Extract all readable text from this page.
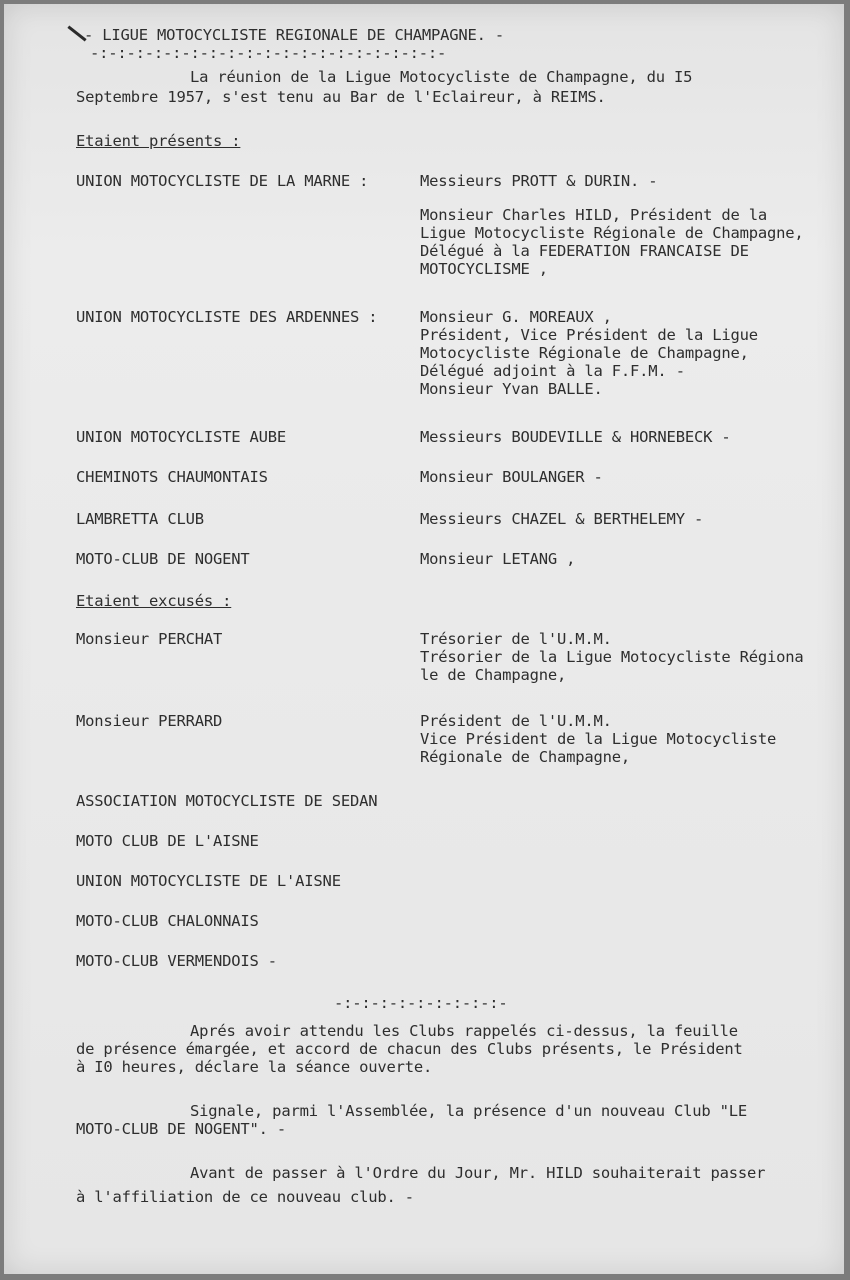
- LIGUE MOTOCYCLISTE REGIONALE DE CHAMPAGNE. -
-:-:-:-:-:-:-:-:-:-:-:-:-:-:-:-:-:-:-:-
La réunion de la Ligue Motocycliste de Champagne, du I5
Septembre 1957, s'est tenu au Bar de l'Eclaireur, à REIMS.
Etaient présents :
UNION MOTOCYCLISTE DE LA MARNE :	Messieurs PROTT & DURIN. -
Monsieur Charles HILD, Président de la
Ligue Motocycliste Régionale de Champagne,
Délégué à la FEDERATION FRANCAISE DE
MOTOCYCLISME ,
UNION MOTOCYCLISTE DES ARDENNES :	Monsieur G. MOREAUX ,
Président, Vice Président de la Ligue
Motocycliste Régionale de Champagne,
Délégué adjoint à la F.F.M. -
Monsieur Yvan BALLE.
UNION MOTOCYCLISTE AUBE	Messieurs BOUDEVILLE & HORNEBECK -
CHEMINOTS CHAUMONTAIS	Monsieur BOULANGER -
LAMBRETTA CLUB	Messieurs CHAZEL & BERTHELEMY -
MOTO-CLUB DE NOGENT	Monsieur LETANG ,
Etaient excusés :
Monsieur PERCHAT	Trésorier de l'U.M.M.
Trésorier de la Ligue Motocycliste Régiona
le de Champagne,
Monsieur PERRARD	Président de l'U.M.M.
Vice Président de la Ligue Motocycliste
Régionale de Champagne,
ASSOCIATION MOTOCYCLISTE DE SEDAN
MOTO CLUB DE L'AISNE
UNION MOTOCYCLISTE DE L'AISNE
MOTO-CLUB CHALONNAIS
MOTO-CLUB VERMENDOIS -
-:-:-:-:-:-:-:-:-:-
Aprés avoir attendu les Clubs rappelés ci-dessus, la feuille
de présence émargée, et accord de chacun des Clubs présents, le Président
à I0 heures, déclare la séance ouverte.
Signale, parmi l'Assemblée, la présence d'un nouveau Club "LE
MOTO-CLUB DE NOGENT". -
Avant de passer à l'Ordre du Jour, Mr. HILD souhaiterait passer
à l'affiliation de ce nouveau club. -
